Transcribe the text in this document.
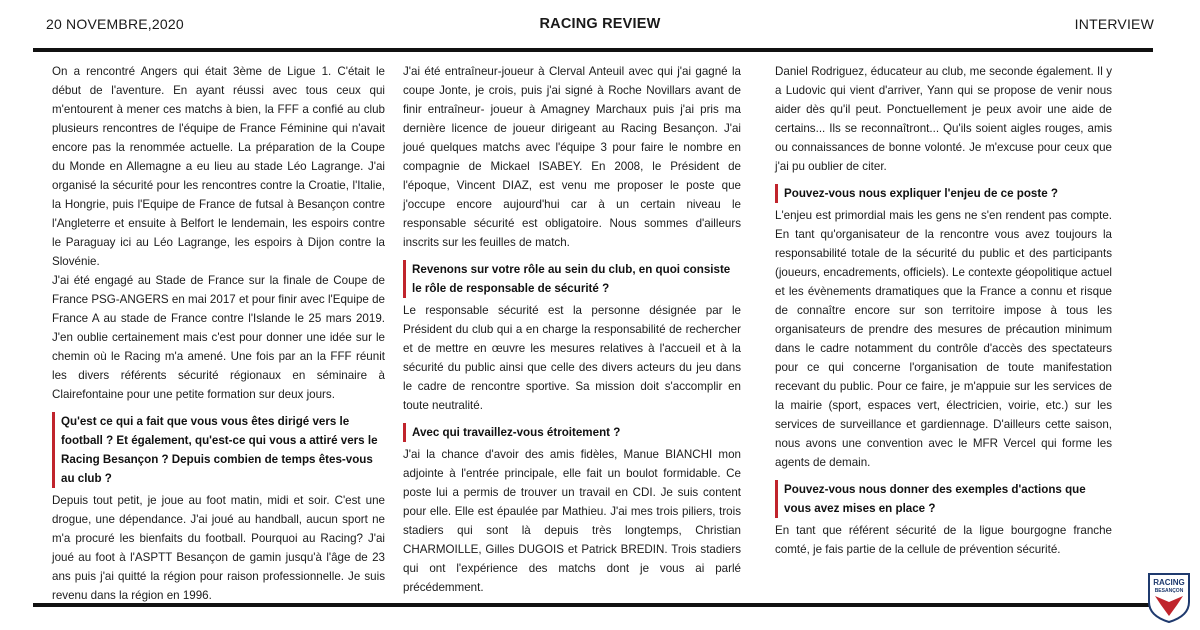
20 NOVEMBRE,2020	RACING REVIEW	INTERVIEW

On a rencontré Angers qui était 3ème de Ligue 1. C'était le début de l'aventure. En ayant réussi avec tous ceux qui m'entourent à mener ces matchs à bien, la FFF a confié au club plusieurs rencontres de l'équipe de France Féminine qui n'avait encore pas la renommée actuelle. La préparation de la Coupe du Monde en Allemagne a eu lieu au stade Léo Lagrange. J'ai organisé la sécurité pour les rencontres contre la Croatie, l'Italie, la Hongrie, puis l'Equipe de France de futsal à Besançon contre l'Angleterre et ensuite à Belfort le lendemain, les espoirs contre le Paraguay ici au Léo Lagrange, les espoirs à Dijon contre la Slovénie.

J'ai été engagé au Stade de France sur la finale de Coupe de France PSG-ANGERS en mai 2017 et pour finir avec l'Equipe de France A au stade de France contre l'Islande le 25 mars 2019. J'en oublie certainement mais c'est pour donner une idée sur le chemin où le Racing m'a amené. Une fois par an la FFF réunit les divers référents sécurité régionaux en séminaire à Clairefontaine pour une petite formation sur deux jours.

Qu'est ce qui a fait que vous vous êtes dirigé vers le football ? Et également, qu'est-ce qui vous a attiré vers le Racing Besançon ? Depuis combien de temps êtes-vous au club ?

Depuis tout petit, je joue au foot matin, midi et soir. C'est une drogue, une dépendance. J'ai joué au handball, aucun sport ne m'a procuré les bienfaits du football. Pourquoi au Racing? J'ai joué au foot à l'ASPTT Besançon de gamin jusqu'à l'âge de 23 ans puis j'ai quitté la région pour raison professionnelle. Je suis revenu dans la région en 1996.

J'ai été entraîneur-joueur à Clerval Anteuil avec qui j'ai gagné la coupe Jonte, je crois, puis j'ai signé à Roche Novillars avant de finir entraîneur- joueur à Amagney Marchaux puis j'ai pris ma dernière licence de joueur dirigeant au Racing Besançon. J'ai joué quelques matchs avec l'équipe 3 pour faire le nombre en compagnie de Mickael ISABEY. En 2008, le Président de l'époque, Vincent DIAZ, est venu me proposer le poste que j'occupe encore aujourd'hui car à un certain niveau le responsable sécurité est obligatoire. Nous sommes d'ailleurs inscrits sur les feuilles de match.

Revenons sur votre rôle au sein du club, en quoi consiste le rôle de responsable de sécurité ?

Le responsable sécurité est la personne désignée par le Président du club qui a en charge la responsabilité de rechercher et de mettre en œuvre les mesures relatives à l'accueil et à la sécurité du public ainsi que celle des divers acteurs du jeu dans le cadre de rencontre sportive. Sa mission doit s'accomplir en toute neutralité.

Avec qui travaillez-vous étroitement ?

J'ai la chance d'avoir des amis fidèles, Manue BIANCHI mon adjointe à l'entrée principale, elle fait un boulot formidable. Ce poste lui a permis de trouver un travail en CDI. Je suis content pour elle. Elle est épaulée par Mathieu. J'ai mes trois piliers, trois stadiers qui sont là depuis très longtemps, Christian CHARMOILLE, Gilles DUGOIS et Patrick BREDIN. Trois stadiers qui ont l'expérience des matchs dont je vous ai parlé précédemment.

Daniel Rodriguez, éducateur au club, me seconde également. Il y a Ludovic qui vient d'arriver, Yann qui se propose de venir nous aider dès qu'il peut. Ponctuellement je peux avoir une aide de certains... Ils se reconnaîtront... Qu'ils soient aigles rouges, amis ou connaissances de bonne volonté. Je m'excuse pour ceux que j'ai pu oublier de citer.

Pouvez-vous nous expliquer l'enjeu de ce poste ?

L'enjeu est primordial mais les gens ne s'en rendent pas compte. En tant qu'organisateur de la rencontre vous avez toujours la responsabilité totale de la sécurité du public et des participants (joueurs, encadrements, officiels). Le contexte géopolitique actuel et les évènements dramatiques que la France a connu et risque de connaître encore sur son territoire impose à tous les organisateurs de prendre des mesures de précaution minimum dans le cadre notamment du contrôle d'accès des spectateurs pour ce qui concerne l'organisation de toute manifestation recevant du public. Pour ce faire, je m'appuie sur les services de la mairie (sport, espaces vert, électricien, voirie, etc.) sur les services de surveillance et gardiennage. D'ailleurs cette saison, nous avons une convention avec le MFR Vercel qui forme les agents de demain.

Pouvez-vous nous donner des exemples d'actions que vous avez mises en place ?

En tant que référent sécurité de la ligue bourgogne franche comté, je fais partie de la cellule de prévention sécurité.

RACING
BESANÇON
